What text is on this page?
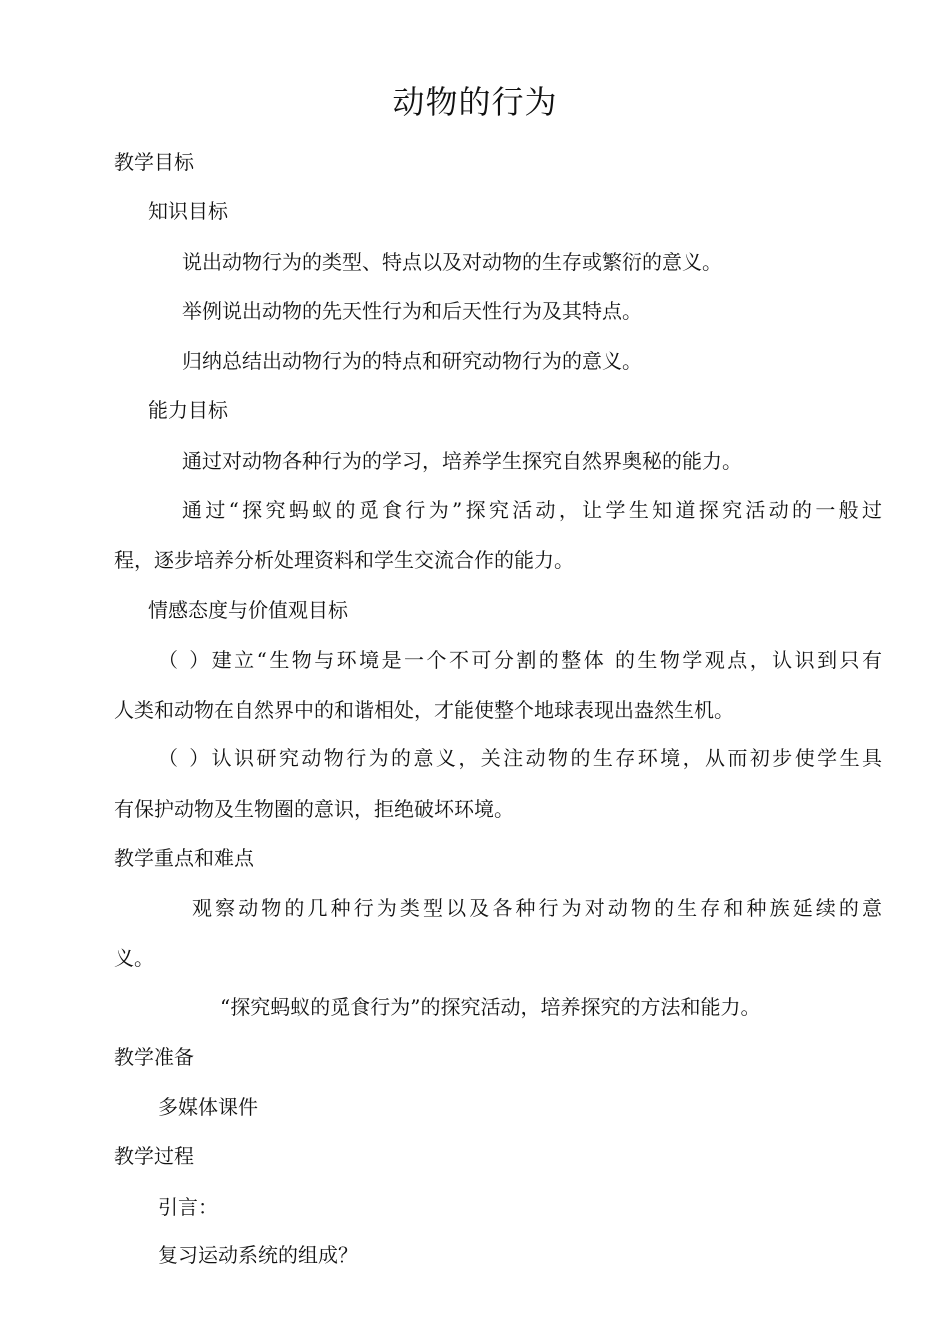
动物的行为
教学目标
知识目标
说出动物行为的类型、特点以及对动物的生存或繁衍的意义。
举例说出动物的先天性行为和后天性行为及其特点。
归纳总结出动物行为的特点和研究动物行为的意义。
能力目标
通过对动物各种行为的学习，培养学生探究自然界奥秘的能力。
通过“探究蚂蚁的觅食行为”探究活动，让学生知道探究活动的一般过
程，逐步培养分析处理资料和学生交流合作的能力。
情感态度与价值观目标
（ ）建立“生物与环境是一个不可分割的整体 的生物学观点，认识到只有
人类和动物在自然界中的和谐相处，才能使整个地球表现出盎然生机。
（ ）认识研究动物行为的意义，关注动物的生存环境，从而初步使学生具
有保护动物及生物圈的意识，拒绝破坏环境。
教学重点和难点
观察动物的几种行为类型以及各种行为对动物的生存和种族延续的意
义。
“探究蚂蚁的觅食行为”的探究活动，培养探究的方法和能力。
教学准备
多媒体课件
教学过程
引言：
复习运动系统的组成？
